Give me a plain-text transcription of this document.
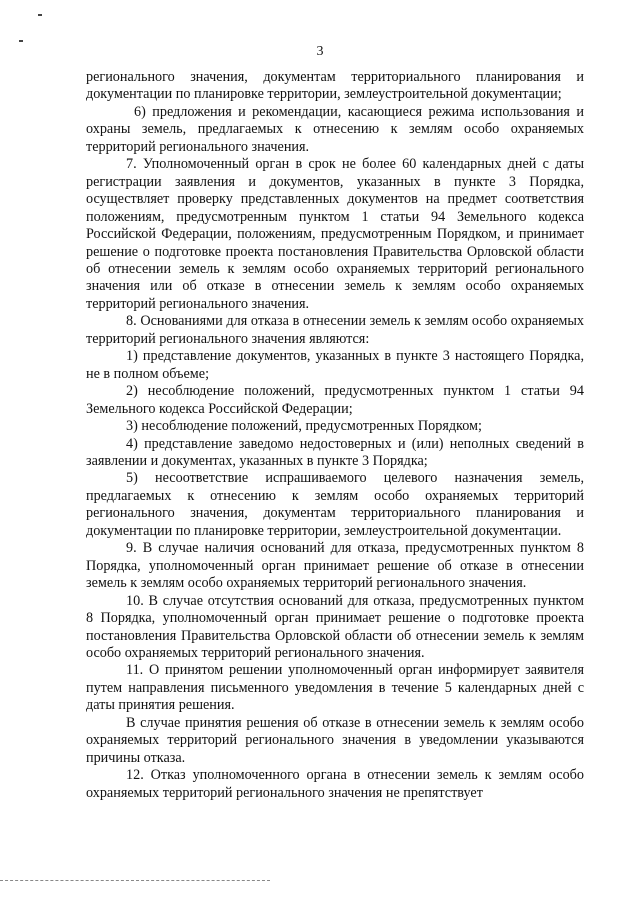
3

регионального значения, документам территориального планирования и документации по планировке территории, землеустроительной документации;

6) предложения и рекомендации, касающиеся режима использования и охраны земель, предлагаемых к отнесению к землям особо охраняемых территорий регионального значения.

7. Уполномоченный орган в срок не более 60 календарных дней с даты регистрации заявления и документов, указанных в пункте 3 Порядка, осуществляет проверку представленных документов на предмет соответствия положениям, предусмотренным пунктом 1 статьи 94 Земельного кодекса Российской Федерации, положениям, предусмотренным Порядком, и принимает решение о подготовке проекта постановления Правительства Орловской области об отнесении земель к землям особо охраняемых территорий регионального значения или об отказе в отнесении земель к землям особо охраняемых территорий регионального значения.

8. Основаниями для отказа в отнесении земель к землям особо охраняемых территорий регионального значения являются:

1) представление документов, указанных в пункте 3 настоящего Порядка, не в полном объеме;

2) несоблюдение положений, предусмотренных пунктом 1 статьи 94 Земельного кодекса Российской Федерации;

3) несоблюдение положений, предусмотренных Порядком;

4) представление заведомо недостоверных и (или) неполных сведений в заявлении и документах, указанных в пункте 3 Порядка;

5) несоответствие испрашиваемого целевого назначения земель, предлагаемых к отнесению к землям особо охраняемых территорий регионального значения, документам территориального планирования и документации по планировке территории, землеустроительной документации.

9. В случае наличия оснований для отказа, предусмотренных пунктом 8 Порядка, уполномоченный орган принимает решение об отказе в отнесении земель к землям особо охраняемых территорий регионального значения.

10. В случае отсутствия оснований для отказа, предусмотренных пунктом 8 Порядка, уполномоченный орган принимает решение о подготовке проекта постановления Правительства Орловской области об отнесении земель к землям особо охраняемых территорий регионального значения.

11. О принятом решении уполномоченный орган информирует заявителя путем направления письменного уведомления в течение 5 календарных дней с даты принятия решения.

В случае принятия решения об отказе в отнесении земель к землям особо охраняемых территорий регионального значения в уведомлении указываются причины отказа.

12. Отказ уполномоченного органа в отнесении земель к землям особо охраняемых территорий регионального значения не препятствует
